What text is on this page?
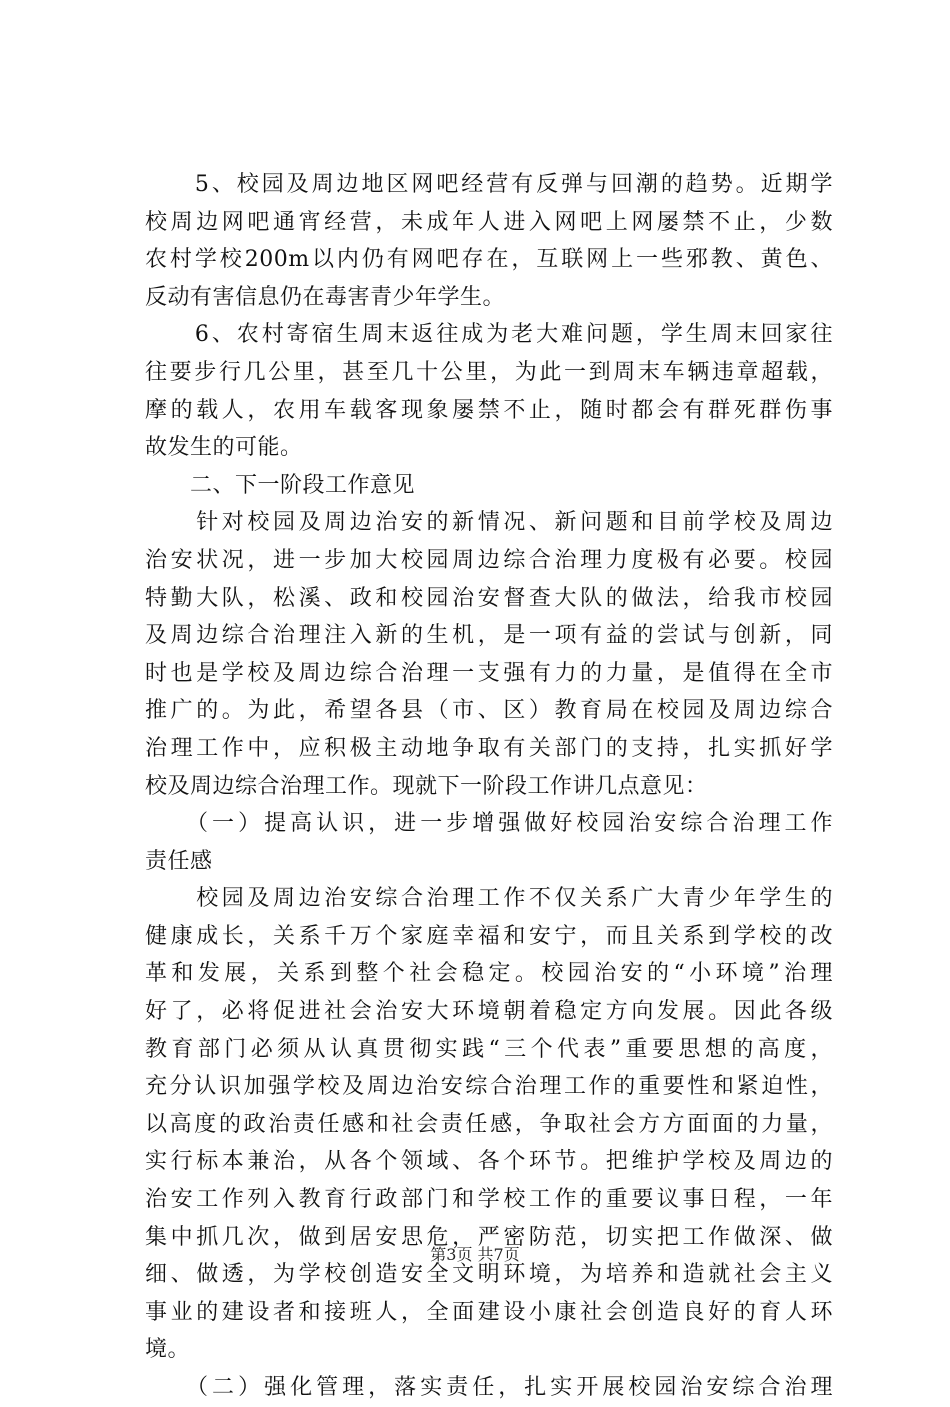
　　5、校园及周边地区网吧经营有反弹与回潮的趋势。近期学
校周边网吧通宵经营，未成年人进入网吧上网屡禁不止，少数
农村学校200m以内仍有网吧存在，互联网上一些邪教、黄色、
反动有害信息仍在毒害青少年学生。
　　6、农村寄宿生周末返往成为老大难问题，学生周末回家往
往要步行几公里，甚至几十公里，为此一到周末车辆违章超载，
摩的载人，农用车载客现象屡禁不止，随时都会有群死群伤事
故发生的可能。
　　二、下一阶段工作意见
　　针对校园及周边治安的新情况、新问题和目前学校及周边
治安状况，进一步加大校园周边综合治理力度极有必要。校园
特勤大队，松溪、政和校园治安督查大队的做法，给我市校园
及周边综合治理注入新的生机，是一项有益的尝试与创新，同
时也是学校及周边综合治理一支强有力的力量，是值得在全市
推广的。为此，希望各县（市、区）教育局在校园及周边综合
治理工作中，应积极主动地争取有关部门的支持，扎实抓好学
校及周边综合治理工作。现就下一阶段工作讲几点意见：
　　（一）提高认识，进一步增强做好校园治安综合治理工作
责任感
　　校园及周边治安综合治理工作不仅关系广大青少年学生的
健康成长，关系千万个家庭幸福和安宁，而且关系到学校的改
革和发展，关系到整个社会稳定。校园治安的“小环境”治理
好了，必将促进社会治安大环境朝着稳定方向发展。因此各级
教育部门必须从认真贯彻实践“三个代表”重要思想的高度，
充分认识加强学校及周边治安综合治理工作的重要性和紧迫性，
以高度的政治责任感和社会责任感，争取社会方方面面的力量，
实行标本兼治，从各个领域、各个环节。把维护学校及周边的
治安工作列入教育行政部门和学校工作的重要议事日程，一年
集中抓几次，做到居安思危，严密防范，切实把工作做深、做
细、做透，为学校创造安全文明环境，为培养和造就社会主义
事业的建设者和接班人，全面建设小康社会创造良好的育人环
境。
　　（二）强化管理，落实责任，扎实开展校园治安综合治理
第3页 共7页
